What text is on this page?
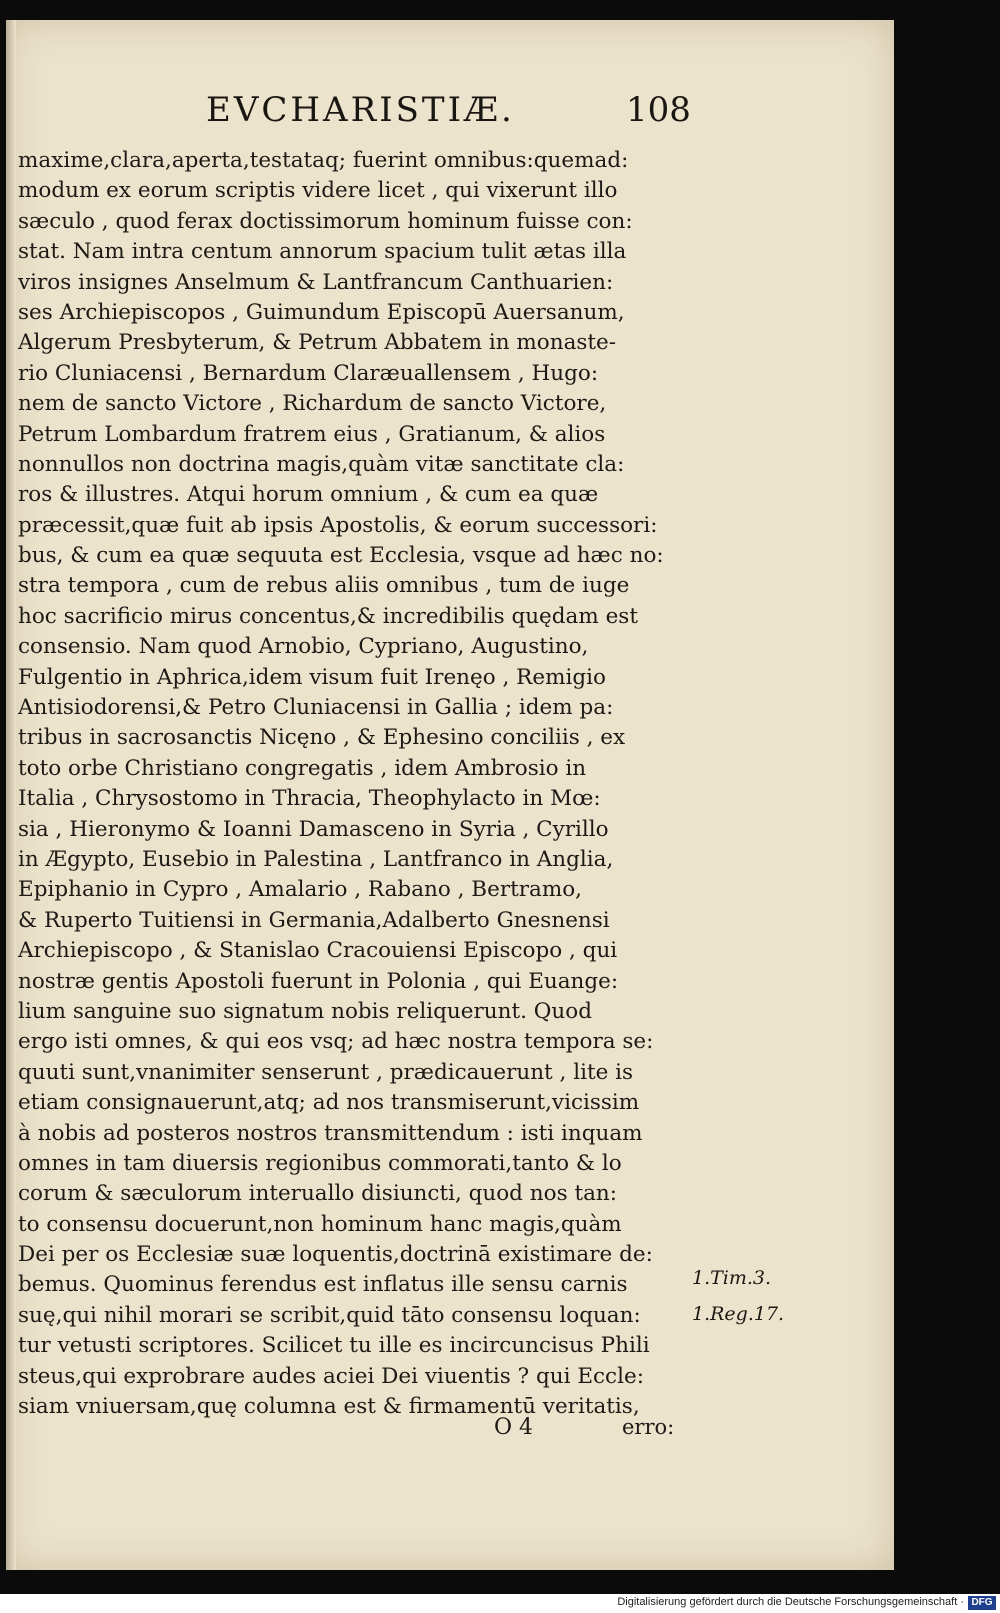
EVCHARISTIÆ.	108
maxime,clara,aperta,testataq; fuerint omnibus:quemad:
modum ex eorum scriptis videre licet , qui vixerunt illo
sæculo , quod ferax doctissimorum hominum fuisse con:
stat. Nam intra centum annorum spacium tulit ætas illa
viros insignes Anselmum & Lantfrancum Canthuarien:
ses Archiepiscopos , Guimundum Episcopū Auersanum,
Algerum Presbyterum, & Petrum Abbatem in monaste-
rio Cluniacensi , Bernardum Claræuallensem , Hugo:
nem de sancto Victore , Richardum de sancto Victore,
Petrum Lombardum fratrem eius , Gratianum, & alios
nonnullos non doctrina magis,quàm vitæ sanctitate cla:
ros & illustres. Atqui horum omnium , & cum ea quæ
præcessit,quæ fuit ab ipsis Apostolis, & eorum successori:
bus, & cum ea quæ sequuta est Ecclesia, vsque ad hæc no:
stra tempora , cum de rebus aliis omnibus , tum de iuge
hoc sacrificio mirus concentus,& incredibilis quędam est
consensio. Nam quod Arnobio, Cypriano, Augustino,
Fulgentio in Aphrica,idem visum fuit Irenęo , Remigio
Antisiodorensi,& Petro Cluniacensi in Gallia ; idem pa:
tribus in sacrosanctis Nicęno , & Ephesino conciliis , ex
toto orbe Christiano congregatis , idem Ambrosio in
Italia , Chrysostomo in Thracia, Theophylacto in Mœ:
sia , Hieronymo & Ioanni Damasceno in Syria , Cyrillo
in Ægypto, Eusebio in Palestina , Lantfranco in Anglia,
Epiphanio in Cypro , Amalario , Rabano , Bertramo,
& Ruperto Tuitiensi in Germania,Adalberto Gnesnensi
Archiepiscopo , & Stanislao Cracouiensi Episcopo , qui
nostræ gentis Apostoli fuerunt in Polonia , qui Euange:
lium sanguine suo signatum nobis reliquerunt. Quod
ergo isti omnes, & qui eos vsq; ad hæc nostra tempora se:
quuti sunt,vnanimiter senserunt , prædicauerunt , lite is
etiam consignauerunt,atq; ad nos transmiserunt,vicissim
à nobis ad posteros nostros transmittendum : isti inquam
omnes in tam diuersis regionibus commorati,tanto & lo
corum & sæculorum interuallo disiuncti, quod nos tan:
to consensu docuerunt,non hominum hanc magis,quàm
Dei per os Ecclesiæ suæ loquentis,doctrinā existimare de:
bemus. Quominus ferendus est inflatus ille sensu carnis
suę,qui nihil morari se scribit,quid tāto consensu loquan:
tur vetusti scriptores. Scilicet tu ille es incircuncisus Phili
steus,qui exprobrare audes aciei Dei viuentis ? qui Eccle:
siam vniuersam,quę columna est & firmamentū veritatis,
1.Tim.3.
1.Reg.17.
O 4	erro:
Digitalisierung gefördert durch die Deutsche Forschungsgemeinschaft · DFG
